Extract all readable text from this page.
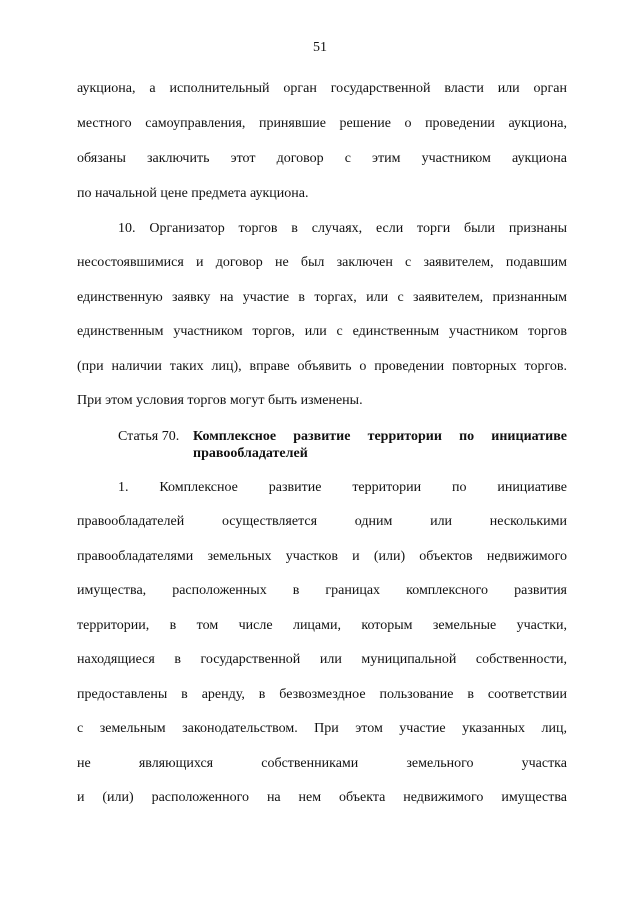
51
аукциона, а исполнительный орган государственной власти или орган
местного самоуправления, принявшие решение о проведении аукциона,
обязаны заключить этот договор с этим участником аукциона
по начальной цене предмета аукциона.
10. Организатор торгов в случаях, если торги были признаны
несостоявшимися и договор не был заключен с заявителем, подавшим
единственную заявку на участие в торгах, или с заявителем, признанным
единственным участником торгов, или с единственным участником торгов
(при наличии таких лиц), вправе объявить о проведении повторных торгов.
При этом условия торгов могут быть изменены.
Статья 70. Комплексное развитие территории по инициативе
правообладателей
1. Комплексное развитие территории по инициативе
правообладателей осуществляется одним или несколькими
правообладателями земельных участков и (или) объектов недвижимого
имущества, расположенных в границах комплексного развития
территории, в том числе лицами, которым земельные участки,
находящиеся в государственной или муниципальной собственности,
предоставлены в аренду, в безвозмездное пользование в соответствии
с земельным законодательством. При этом участие указанных лиц,
не являющихся собственниками земельного участка
и (или) расположенного на нем объекта недвижимого имущества
